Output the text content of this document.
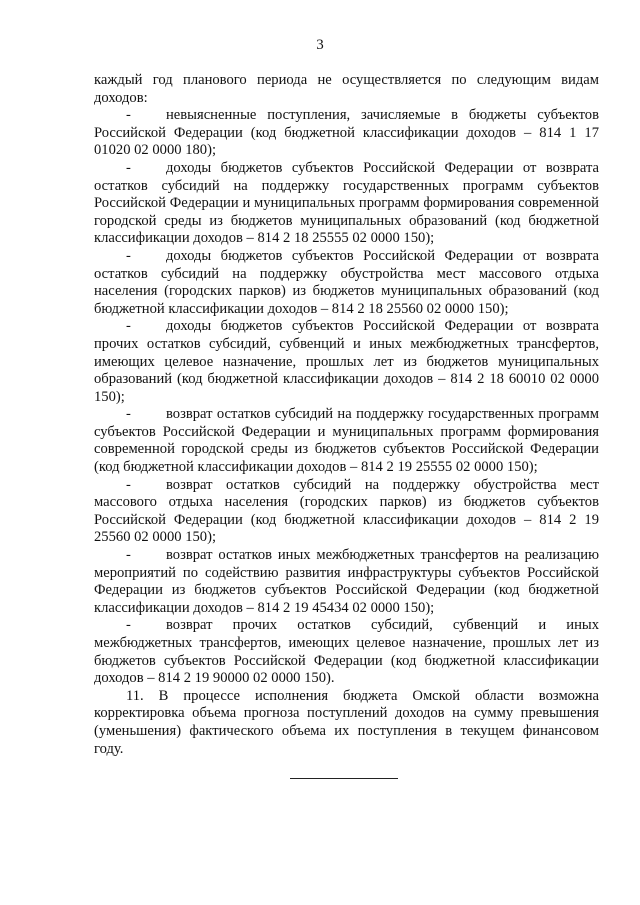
3

каждый год планового периода не осуществляется по следующим видам доходов:

- невыясненные поступления, зачисляемые в бюджеты субъектов Российской Федерации (код бюджетной классификации доходов – 814 1 17 01020 02 0000 180);

- доходы бюджетов субъектов Российской Федерации от возврата остатков субсидий на поддержку государственных программ субъектов Российской Федерации и муниципальных программ формирования современной городской среды из бюджетов муниципальных образований (код бюджетной классификации доходов – 814 2 18 25555 02 0000 150);

- доходы бюджетов субъектов Российской Федерации от возврата остатков субсидий на поддержку обустройства мест массового отдыха населения (городских парков) из бюджетов муниципальных образований (код бюджетной классификации доходов – 814 2 18 25560 02 0000 150);

- доходы бюджетов субъектов Российской Федерации от возврата прочих остатков субсидий, субвенций и иных межбюджетных трансфертов, имеющих целевое назначение, прошлых лет из бюджетов муниципальных образований (код бюджетной классификации доходов – 814 2 18 60010 02 0000 150);

- возврат остатков субсидий на поддержку государственных программ субъектов Российской Федерации и муниципальных программ формирования современной городской среды из бюджетов субъектов Российской Федерации (код бюджетной классификации доходов – 814 2 19 25555 02 0000 150);

- возврат остатков субсидий на поддержку обустройства мест массового отдыха населения (городских парков) из бюджетов субъектов Российской Федерации (код бюджетной классификации доходов – 814 2 19 25560 02 0000 150);

- возврат остатков иных межбюджетных трансфертов на реализацию мероприятий по содействию развития инфраструктуры субъектов Российской Федерации из бюджетов субъектов Российской Федерации (код бюджетной классификации доходов – 814 2 19 45434 02 0000 150);

- возврат прочих остатков субсидий, субвенций и иных межбюджетных трансфертов, имеющих целевое назначение, прошлых лет из бюджетов субъектов Российской Федерации (код бюджетной классификации доходов – 814 2 19 90000 02 0000 150).

11. В процессе исполнения бюджета Омской области возможна корректировка объема прогноза поступлений доходов на сумму превышения (уменьшения) фактического объема их поступления в текущем финансовом году.
